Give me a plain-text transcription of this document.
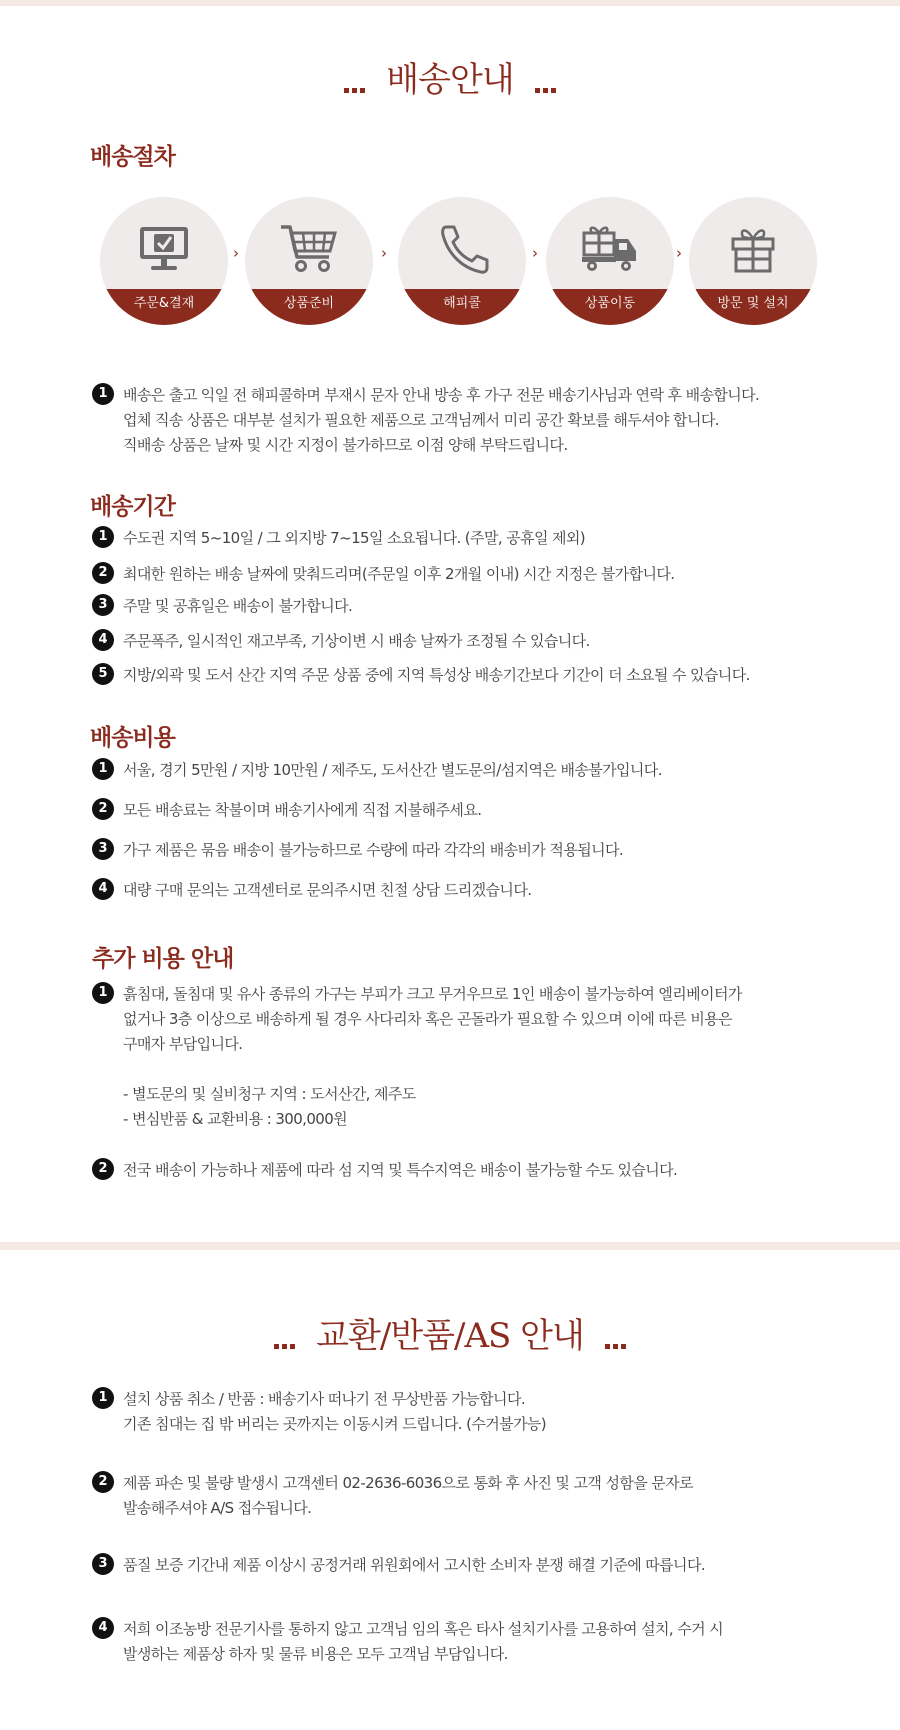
배송안내
배송절차
주문&결재
›
상품준비
›
해피콜
›
상품이동
›
방문 및 설치
1	배송은 출고 익일 전 해피콜하며 부재시 문자 안내 방송 후 가구 전문 배송기사님과 연락 후 배송합니다.
업체 직송 상품은 대부분 설치가 필요한 제품으로 고객님께서 미리 공간 확보를 해두셔야 합니다.
직배송 상품은 날짜 및 시간 지정이 불가하므로 이점 양해 부탁드립니다.
배송기간
1	수도권 지역 5~10일 / 그 외지방 7~15일 소요됩니다. (주말, 공휴일 제외)
2	최대한 원하는 배송 날짜에 맞춰드리며(주문일 이후 2개월 이내) 시간 지정은 불가합니다.
3	주말 및 공휴일은 배송이 불가합니다.
4	주문폭주, 일시적인 재고부족, 기상이변 시 배송 날짜가 조정될 수 있습니다.
5	지방/외곽 및 도서 산간 지역 주문 상품 중에 지역 특성상 배송기간보다 기간이 더 소요될 수 있습니다.
배송비용
1	서울, 경기 5만원 / 지방 10만원 / 제주도, 도서산간 별도문의/섬지역은 배송불가입니다.
2	모든 배송료는 착불이며 배송기사에게 직접 지불해주세요.
3	가구 제품은 묶음 배송이 불가능하므로 수량에 따라 각각의 배송비가 적용됩니다.
4	대량 구매 문의는 고객센터로 문의주시면 친절 상담 드리겠습니다.
추가 비용 안내
1	흙침대, 돌침대 및 유사 종류의 가구는 부피가 크고 무거우므로 1인 배송이 불가능하여 엘리베이터가
없거나 3층 이상으로 배송하게 될 경우 사다리차 혹은 곤돌라가 필요할 수 있으며 이에 따른 비용은
구매자 부담입니다.
- 별도문의 및 실비청구 지역 : 도서산간, 제주도
- 변심반품 & 교환비용 : 300,000원
2	전국 배송이 가능하나 제품에 따라 섬 지역 및 특수지역은 배송이 불가능할 수도 있습니다.
교환/반품/AS 안내
1	설치 상품 취소 / 반품 : 배송기사 떠나기 전 무상반품 가능합니다.
기존 침대는 집 밖 버리는 곳까지는 이동시켜 드립니다. (수거불가능)
2	제품 파손 및 불량 발생시 고객센터 02-2636-6036으로 통화 후 사진 및 고객 성함을 문자로
발송해주셔야 A/S 접수됩니다.
3	품질 보증 기간내 제품 이상시 공정거래 위원회에서 고시한 소비자 분쟁 해결 기준에 따릅니다.
4	저희 이조농방 전문기사를 통하지 않고 고객님 임의 혹은 타사 설치기사를 고용하여 설치, 수거 시
발생하는 제품상 하자 및 물류 비용은 모두 고객님 부담입니다.
